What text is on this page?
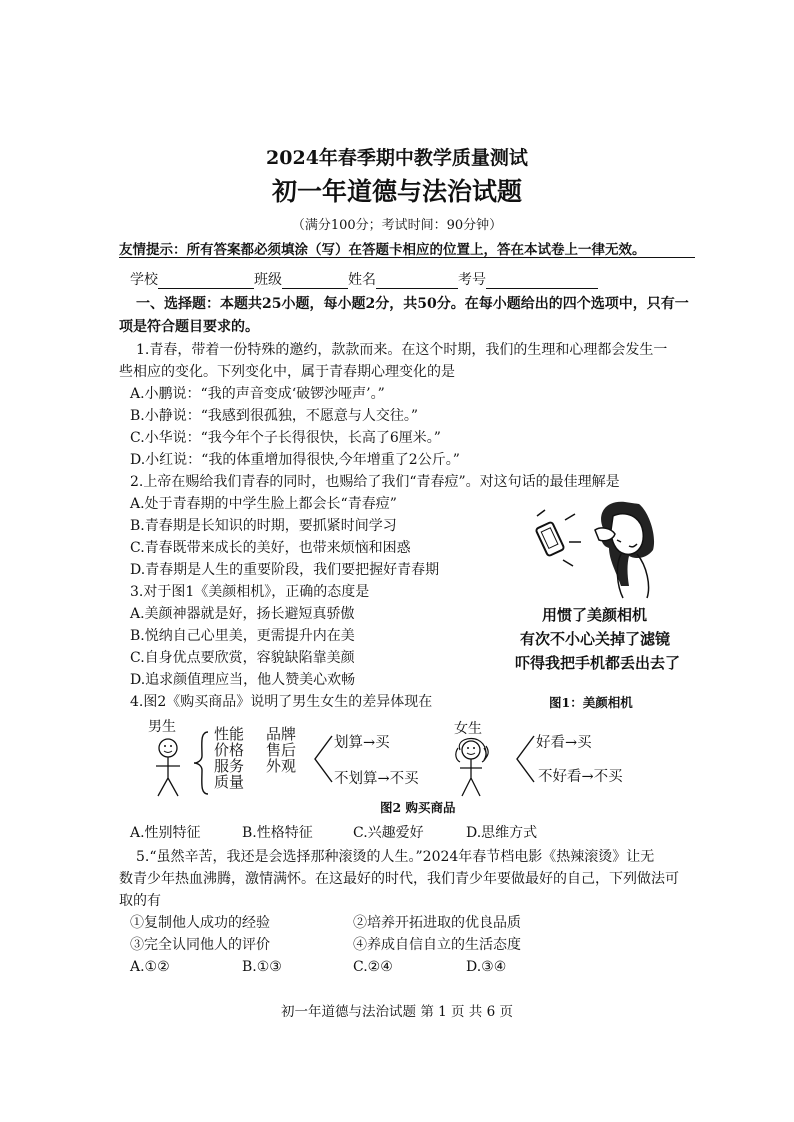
2024年春季期中教学质量测试
初一年道德与法治试题
（满分100分；考试时间：90分钟）
友情提示：所有答案都必须填涂（写）在答题卡相应的位置上，答在本试卷上一律无效。
学校	班级	姓名	考号
一、选择题：本题共25小题，每小题2分，共50分。在每小题给出的四个选项中，只有一
项是符合题目要求的。
1.青春，带着一份特殊的邀约，款款而来。在这个时期，我们的生理和心理都会发生一
些相应的变化。下列变化中，属于青春期心理变化的是
A.小鹏说：“我的声音变成‘破锣沙哑声’。”
B.小静说：“我感到很孤独，不愿意与人交往。”
C.小华说：“我今年个子长得很快，长高了6厘米。”
D.小红说：“我的体重增加得很快,今年增重了2公斤。”
2.上帝在赐给我们青春的同时，也赐给了我们“青春痘”。对这句话的最佳理解是
A.处于青春期的中学生脸上都会长“青春痘”
B.青春期是长知识的时期，要抓紧时间学习
C.青春既带来成长的美好，也带来烦恼和困惑
D.青春期是人生的重要阶段，我们要把握好青春期
3.对于图1《美颜相机》，正确的态度是
A.美颜神器就是好，扬长避短真骄傲
B.悦纳自己心里美，更需提升内在美
C.自身优点要欣赏，容貌缺陷靠美颜
D.追求颜值理应当，他人赞美心欢畅
用惯了美颜相机
有次不小心关掉了滤镜
吓得我把手机都丢出去了
图1：美颜相机
4.图2《购买商品》说明了男生女生的差异体现在
男生	性能
价格
服务
质量
品牌
售后
外观
划算→买
不划算→不买
女生
好看→买
不好看→不买
图2 购买商品
A.性别特征	B.性格特征	C.兴趣爱好	D.思维方式
5.“虽然辛苦，我还是会选择那种滚烫的人生。”2024年春节档电影《热辣滚烫》让无
数青少年热血沸腾，激情满怀。在这最好的时代，我们青少年要做最好的自己，下列做法可
取的有
①复制他人成功的经验	②培养开拓进取的优良品质
③完全认同他人的评价	④养成自信自立的生活态度
A.①②	B.①③	C.②④	D.③④
初一年道德与法治试题 第 1 页 共 6 页
